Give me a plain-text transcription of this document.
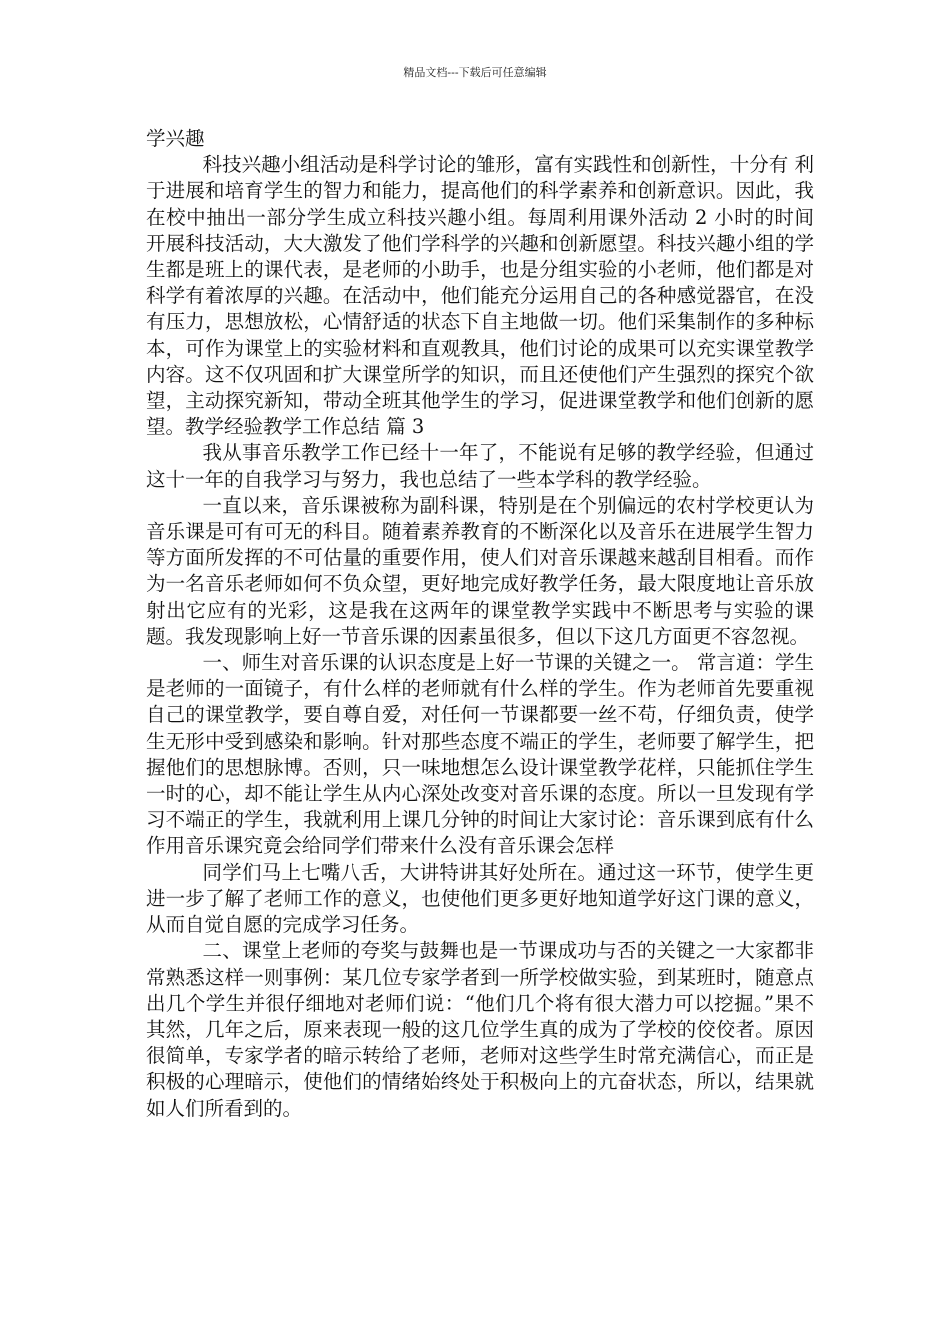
精品文档---下载后可任意编辑

学兴趣

科技兴趣小组活动是科学讨论的雏形，富有实践性和创新性，十分有 利于进展和培育学生的智力和能力，提高他们的科学素养和创新意识。因此，我在校中抽出一部分学生成立科技兴趣小组。每周利用课外活动 2 小时的时间开展科技活动，大大激发了他们学科学的兴趣和创新愿望。科技兴趣小组的学生都是班上的课代表，是老师的小助手，也是分组实验的小老师，他们都是对科学有着浓厚的兴趣。在活动中，他们能充分运用自己的各种感觉器官，在没有压力，思想放松，心情舒适的状态下自主地做一切。他们采集制作的多种标本，可作为课堂上的实验材料和直观教具，他们讨论的成果可以充实课堂教学内容。这不仅巩固和扩大课堂所学的知识，而且还使他们产生强烈的探究个欲望，主动探究新知，带动全班其他学生的学习，促进课堂教学和他们创新的愿望。教学经验教学工作总结 篇 3

我从事音乐教学工作已经十一年了，不能说有足够的教学经验，但通过这十一年的自我学习与努力，我也总结了一些本学科的教学经验。

一直以来，音乐课被称为副科课，特别是在个别偏远的农村学校更认为音乐课是可有可无的科目。随着素养教育的不断深化以及音乐在进展学生智力等方面所发挥的不可估量的重要作用，使人们对音乐课越来越刮目相看。而作为一名音乐老师如何不负众望，更好地完成好教学任务，最大限度地让音乐放射出它应有的光彩，这是我在这两年的课堂教学实践中不断思考与实验的课题。我发现影响上好一节音乐课的因素虽很多，但以下这几方面更不容忽视。

一、师生对音乐课的认识态度是上好一节课的关键之一。 常言道：学生是老师的一面镜子，有什么样的老师就有什么样的学生。作为老师首先要重视自己的课堂教学，要自尊自爱，对任何一节课都要一丝不苟，仔细负责，使学生无形中受到感染和影响。针对那些态度不端正的学生，老师要了解学生，把握他们的思想脉博。否则，只一味地想怎么设计课堂教学花样，只能抓住学生一时的心，却不能让学生从内心深处改变对音乐课的态度。所以一旦发现有学习不端正的学生，我就利用上课几分钟的时间让大家讨论：音乐课到底有什么作用音乐课究竟会给同学们带来什么没有音乐课会怎样

同学们马上七嘴八舌，大讲特讲其好处所在。通过这一环节，使学生更进一步了解了老师工作的意义，也使他们更多更好地知道学好这门课的意义，从而自觉自愿的完成学习任务。

二、课堂上老师的夸奖与鼓舞也是一节课成功与否的关键之一大家都非常熟悉这样一则事例：某几位专家学者到一所学校做实验，到某班时，随意点出几个学生并很仔细地对老师们说：“他们几个将有很大潜力可以挖掘。”果不其然，几年之后，原来表现一般的这几位学生真的成为了学校的佼佼者。原因很简单，专家学者的暗示转给了老师，老师对这些学生时常充满信心，而正是积极的心理暗示，使他们的情绪始终处于积极向上的亢奋状态，所以，结果就如人们所看到的。
